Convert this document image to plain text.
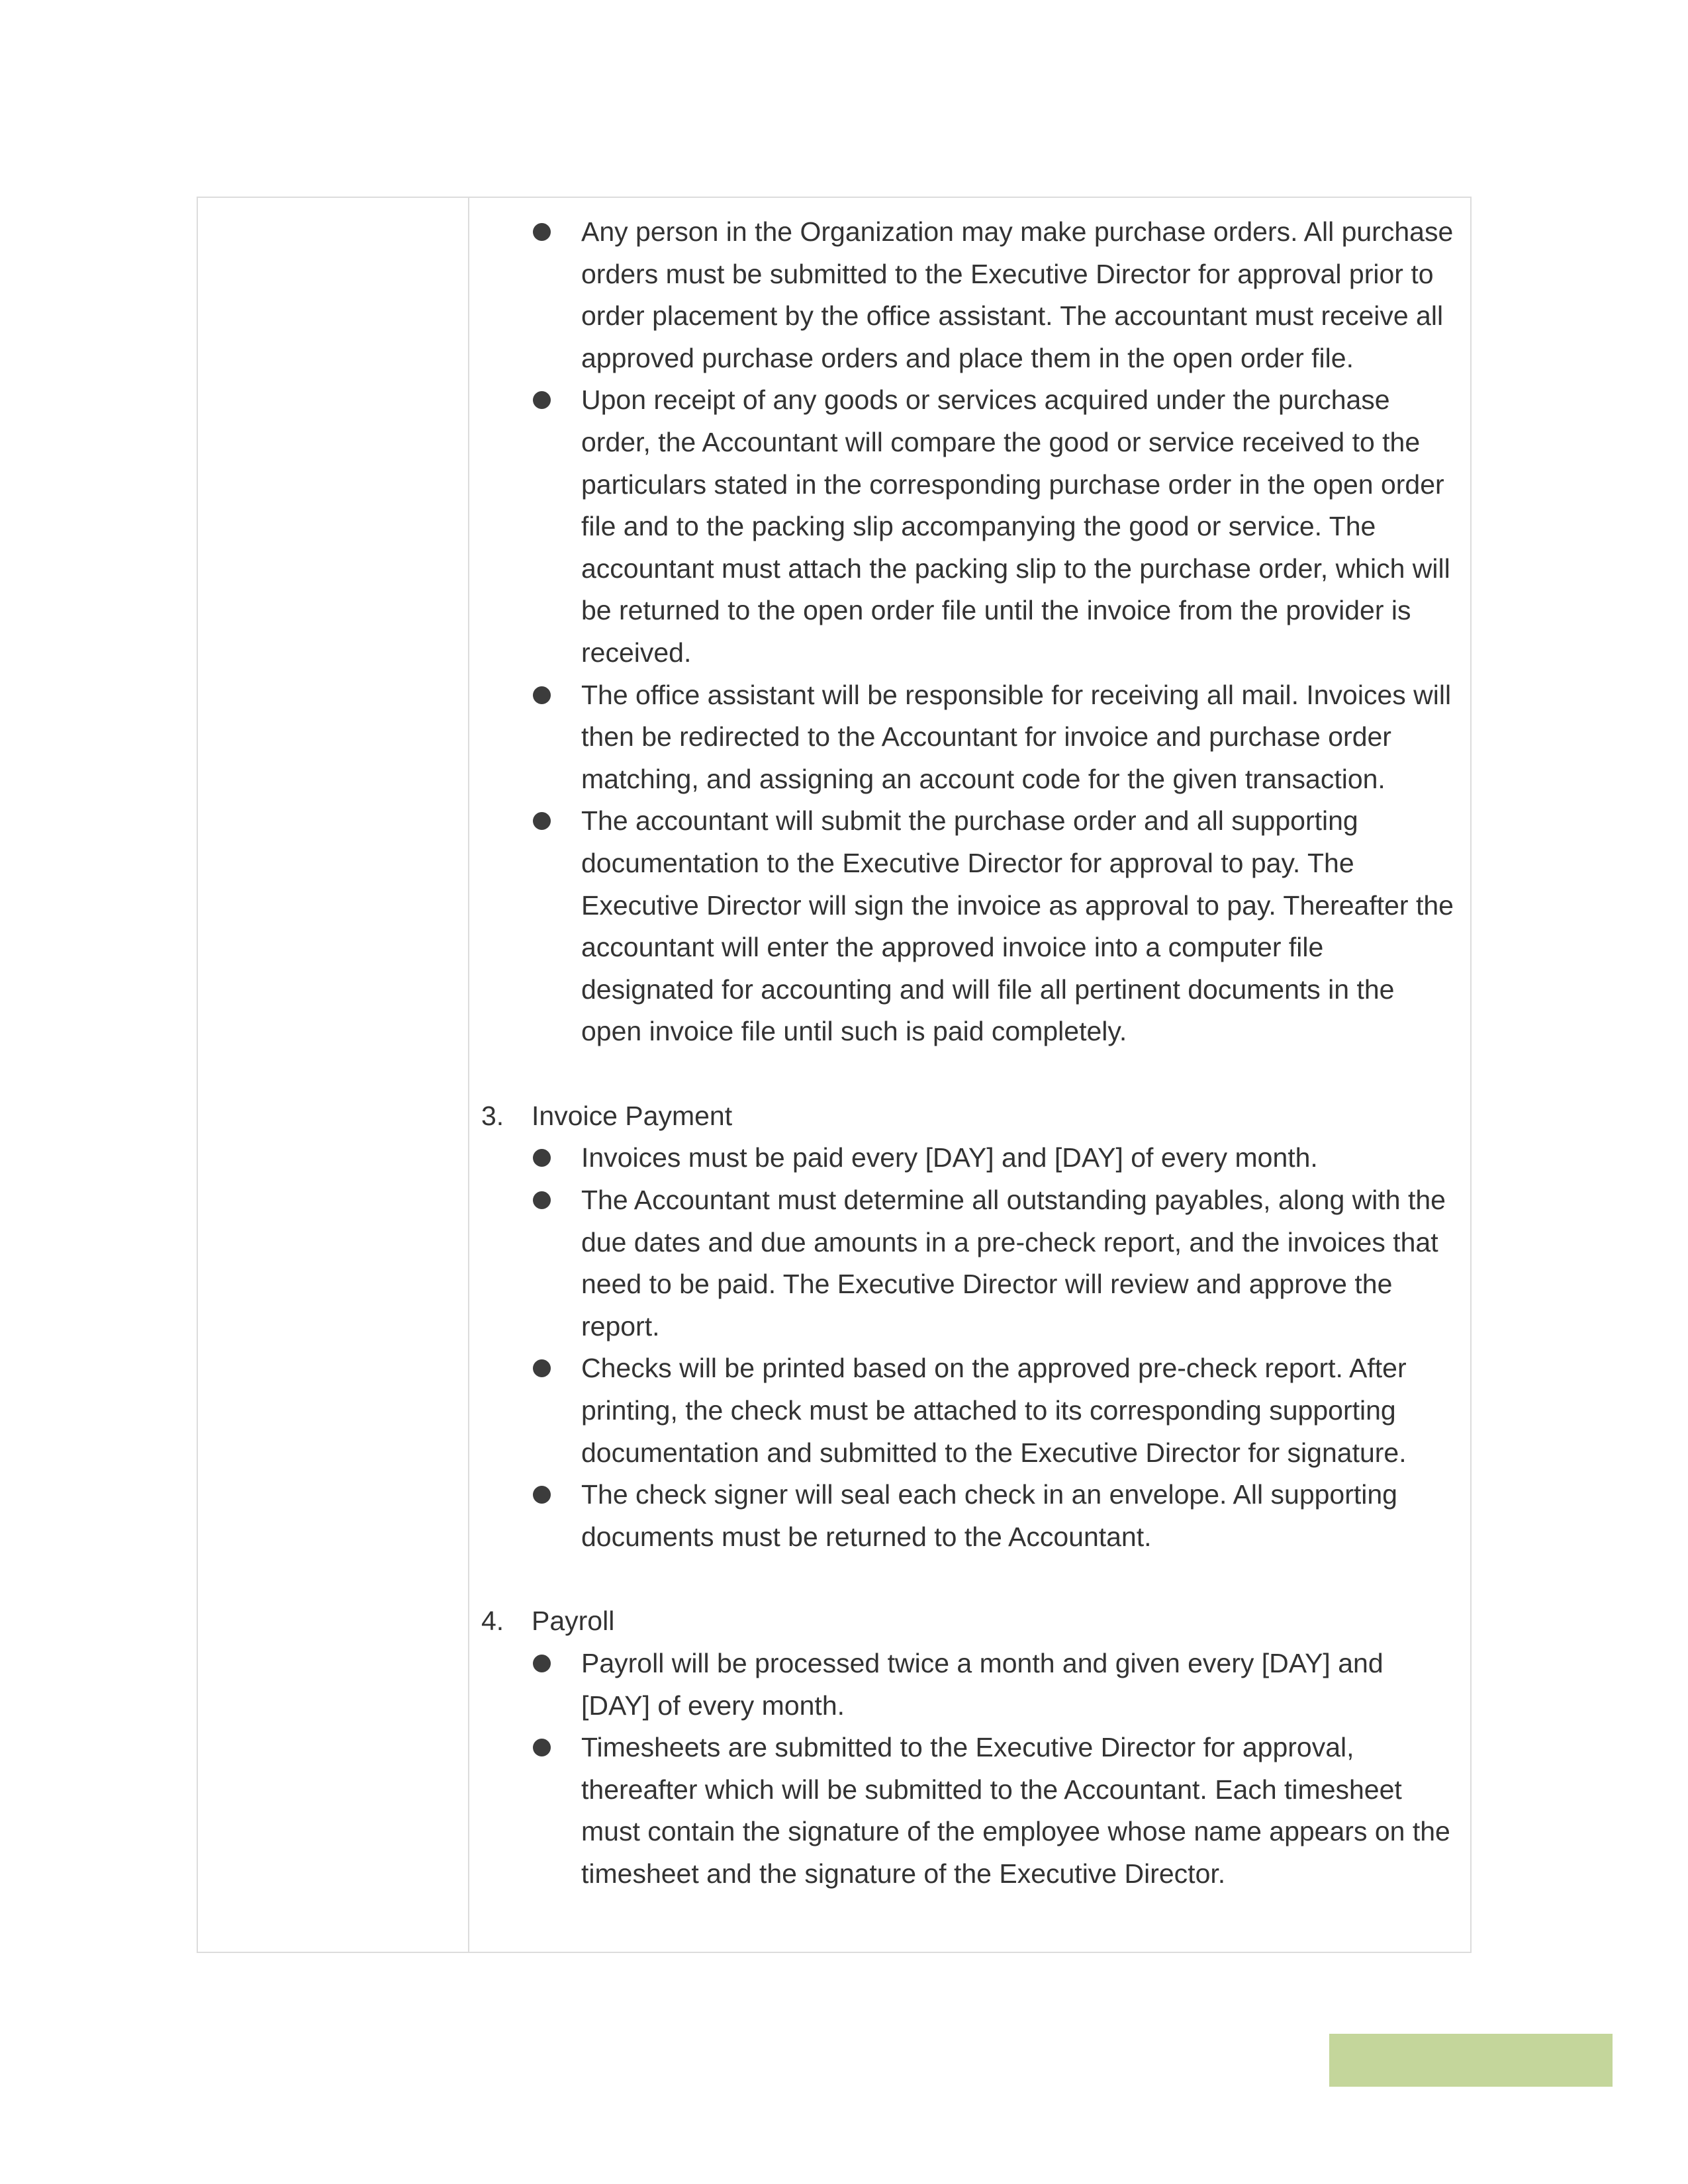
Any person in the Organization may make purchase orders. All purchase orders must be submitted to the Executive Director for approval prior to order placement by the office assistant. The accountant must receive all approved purchase orders and place them in the open order file.
Upon receipt of any goods or services acquired under the purchase order, the Accountant will compare the good or service received to the particulars stated in the corresponding purchase order in the open order file and to the packing slip accompanying the good or service. The accountant must attach the packing slip to the purchase order, which will be returned to the open order file until the invoice from the provider is received.
The office assistant will be responsible for receiving all mail. Invoices will then be redirected to the Accountant for invoice and purchase order matching, and assigning an account code for the given transaction.
The accountant will submit the purchase order and all supporting documentation to the Executive Director for approval to pay. The Executive Director will sign the invoice as approval to pay. Thereafter the accountant will enter the approved invoice into a computer file designated for accounting and will file all pertinent documents in the open invoice file until such is paid completely.
3. Invoice Payment
Invoices must be paid every [DAY] and [DAY] of every month.
The Accountant must determine all outstanding payables, along with the due dates and due amounts in a pre-check report, and the invoices that need to be paid. The Executive Director will review and approve the report.
Checks will be printed based on the approved pre-check report. After printing, the check must be attached to its corresponding supporting documentation and submitted to the Executive Director for signature.
The check signer will seal each check in an envelope. All supporting documents must be returned to the Accountant.
4. Payroll
Payroll will be processed twice a month and given every [DAY] and [DAY] of every month.
Timesheets are submitted to the Executive Director for approval, thereafter which will be submitted to the Accountant. Each timesheet must contain the signature of the employee whose name appears on the timesheet and the signature of the Executive Director.
